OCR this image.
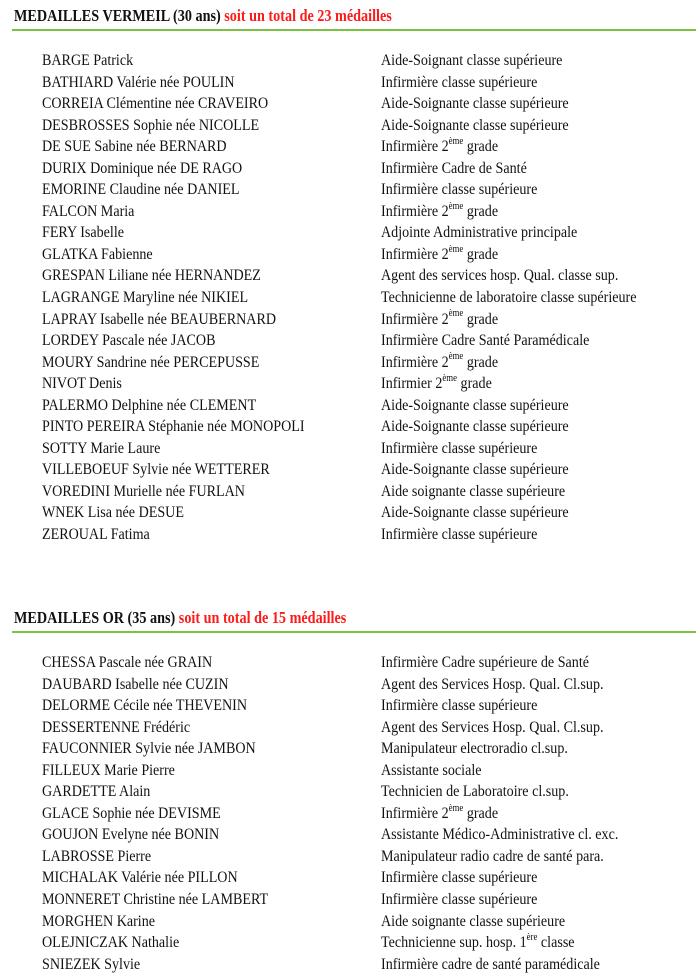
MEDAILLES VERMEIL (30 ans) soit un total de 23 médailles
BARGE Patrick	Aide-Soignant classe supérieure
BATHIARD Valérie née POULIN	Infirmière classe supérieure
CORREIA Clémentine née CRAVEIRO	Aide-Soignante classe supérieure
DESBROSSES Sophie née NICOLLE	Aide-Soignante classe supérieure
DE SUE Sabine née BERNARD	Infirmière 2ème grade
DURIX Dominique née DE RAGO	Infirmière Cadre de Santé
EMORINE Claudine née DANIEL	Infirmière classe supérieure
FALCON Maria	Infirmière 2ème grade
FERY Isabelle	Adjointe Administrative principale
GLATKA Fabienne	Infirmière 2ème grade
GRESPAN Liliane née HERNANDEZ	Agent des services hosp. Qual. classe sup.
LAGRANGE Maryline née NIKIEL	Technicienne de laboratoire classe supérieure
LAPRAY Isabelle née BEAUBERNARD	Infirmière 2ème grade
LORDEY Pascale née JACOB	Infirmière Cadre Santé Paramédicale
MOURY Sandrine née PERCEPUSSE	Infirmière 2ème grade
NIVOT Denis	Infirmier 2ème grade
PALERMO Delphine née CLEMENT	Aide-Soignante classe supérieure
PINTO PEREIRA Stéphanie née MONOPOLI	Aide-Soignante classe supérieure
SOTTY Marie Laure	Infirmière classe supérieure
VILLEBOEUF Sylvie née WETTERER	Aide-Soignante classe supérieure
VOREDINI Murielle née FURLAN	Aide soignante classe supérieure
WNEK Lisa née DESUE	Aide-Soignante classe supérieure
ZEROUAL Fatima	Infirmière classe supérieure
MEDAILLES OR (35 ans) soit un total de 15 médailles
CHESSA Pascale née GRAIN	Infirmière Cadre supérieure de Santé
DAUBARD Isabelle née CUZIN	Agent des Services Hosp. Qual. Cl.sup.
DELORME Cécile née THEVENIN	Infirmière classe supérieure
DESSERTENNE Frédéric	Agent des Services Hosp. Qual. Cl.sup.
FAUCONNIER Sylvie née JAMBON	Manipulateur electroradio cl.sup.
FILLEUX Marie Pierre	Assistante sociale
GARDETTE Alain	Technicien de Laboratoire cl.sup.
GLACE Sophie née DEVISME	Infirmière 2ème grade
GOUJON Evelyne née BONIN	Assistante Médico-Administrative cl. exc.
LABROSSE Pierre	Manipulateur radio cadre de santé para.
MICHALAK Valérie née PILLON	Infirmière classe supérieure
MONNERET Christine née LAMBERT	Infirmière classe supérieure
MORGHEN Karine	Aide soignante classe supérieure
OLEJNICZAK Nathalie	Technicienne sup. hosp. 1ère classe
SNIEZEK Sylvie	Infirmière cadre de santé paramédicale
